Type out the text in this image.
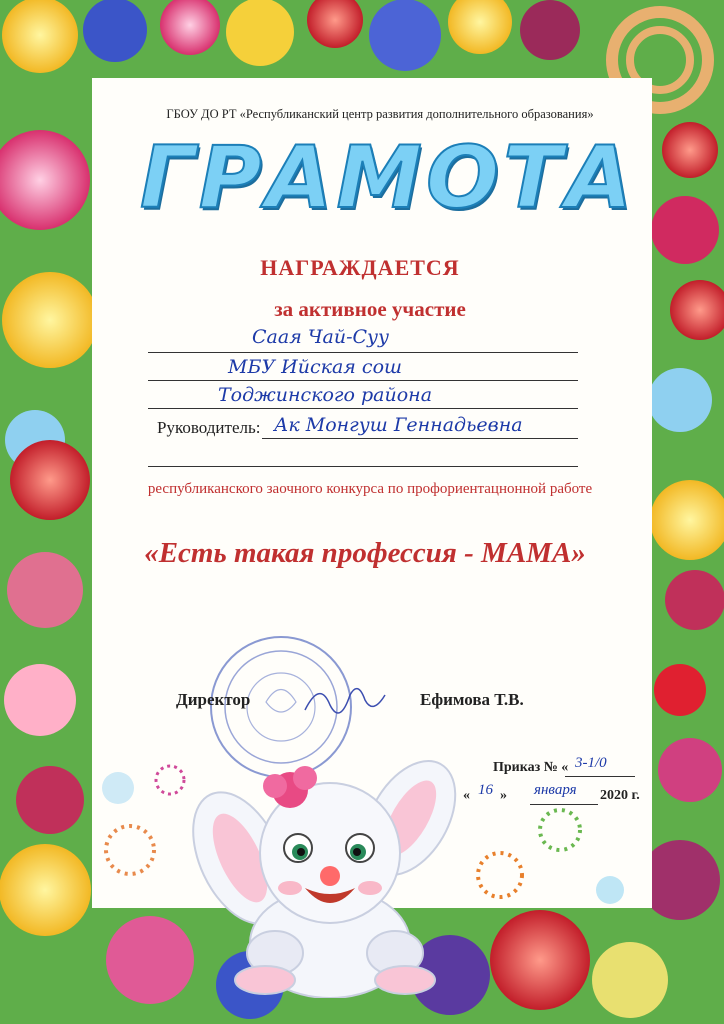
ГБОУ ДО РТ «Республиканский центр развития дополнительного образования»
ГРАМОТА
НАГРАЖДАЕТСЯ
за активное участие
Саая Чай-Суу
МБУ Ийская сош
Тоджинского района
Руководитель: Ак Монгуш Геннадьевна
республиканского заочного конкурса по профориентацнонной работе
«Есть такая профессия - МАМА»
Директор	Ефимова Т.В.
Приказ № « 3-1/0
« 16 » января 2020 г.
